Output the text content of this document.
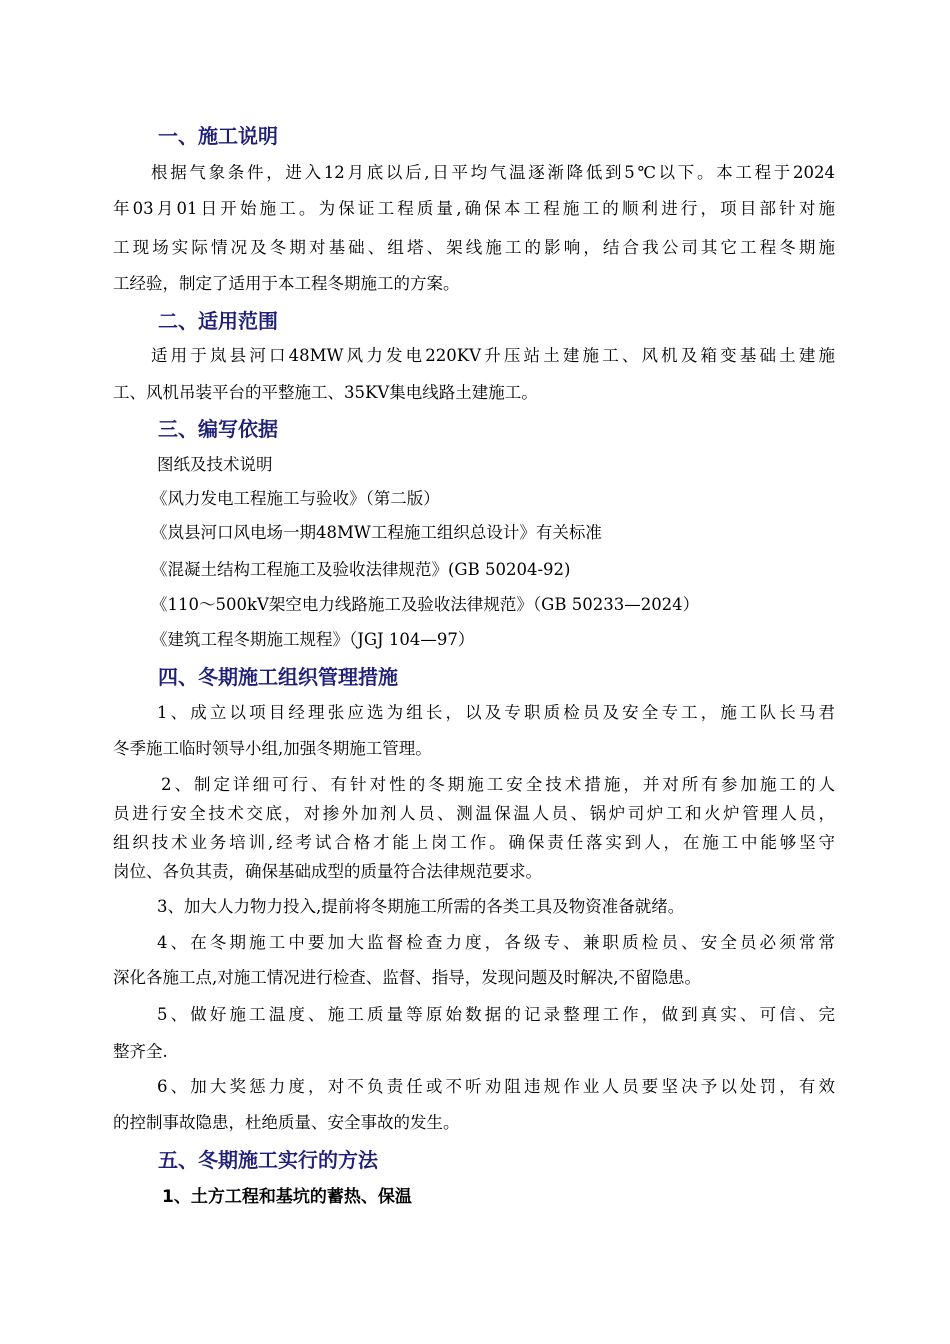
一、施工说明
根据气象条件，进入12月底以后,日平均气温逐渐降低到5℃以下。本工程于2024
年03月01日开始施工。为保证工程质量,确保本工程施工的顺利进行，项目部针对施
工现场实际情况及冬期对基础、组塔、架线施工的影响，结合我公司其它工程冬期施
工经验，制定了适用于本工程冬期施工的方案。
二、适用范围
适用于岚县河口48MW风力发电220KV升压站土建施工、风机及箱变基础土建施
工、风机吊装平台的平整施工、35KV集电线路土建施工。
三、编写依据
图纸及技术说明
《风力发电工程施工与验收》（第二版）
《岚县河口风电场一期48MW工程施工组织总设计》有关标准
《混凝土结构工程施工及验收法律规范》(GB 50204-92)
《110～500kV架空电力线路施工及验收法律规范》（GB 50233—2024）
《建筑工程冬期施工规程》（JGJ 104—97）
四、冬期施工组织管理措施
1、成立以项目经理张应选为组长，以及专职质检员及安全专工，施工队长马君
冬季施工临时领导小组,加强冬期施工管理。
2、制定详细可行、有针对性的冬期施工安全技术措施，并对所有参加施工的人
员进行安全技术交底，对掺外加剂人员、测温保温人员、锅炉司炉工和火炉管理人员，
组织技术业务培训,经考试合格才能上岗工作。确保责任落实到人，在施工中能够坚守
岗位、各负其责，确保基础成型的质量符合法律规范要求。
3、加大人力物力投入,提前将冬期施工所需的各类工具及物资准备就绪。
4、在冬期施工中要加大监督检查力度，各级专、兼职质检员、安全员必须常常
深化各施工点,对施工情况进行检查、监督、指导，发现问题及时解决,不留隐患。
5、做好施工温度、施工质量等原始数据的记录整理工作，做到真实、可信、完
整齐全.
6、加大奖惩力度，对不负责任或不听劝阻违规作业人员要坚决予以处罚，有效
的控制事故隐患，杜绝质量、安全事故的发生。
五、冬期施工实行的方法
1、土方工程和基坑的蓄热、保温
